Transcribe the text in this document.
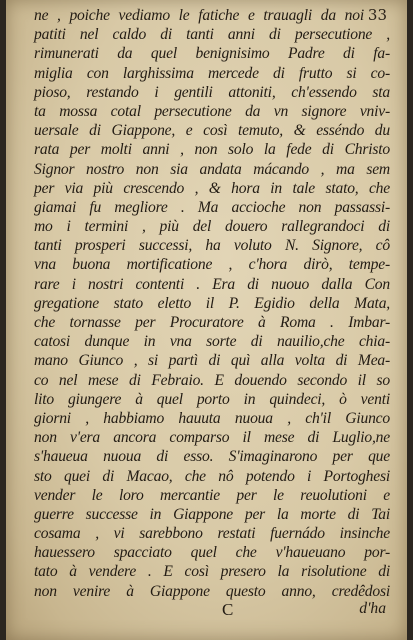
33
ne , poiche vediamo le fatiche e trauagli da noi
patiti nel caldo di tanti anni di persecutione ,
rimunerati da quel benignisimo Padre di fa-
miglia con larghissima mercede di frutto si co-
pioso, restando i gentili attoniti, ch'essendo sta
ta mossa cotal persecutione da vn signore vniv-
uersale di Giappone, e così temuto, & esséndo du
rata per molti anni , non solo la fede di Christo
Signor nostro non sia andata mácando , ma sem
per via più crescendo , & hora in tale stato, che
giamai fu megliore . Ma accioche non passassi-
mo i termini , più del douero rallegrandoci di
tanti prosperi successi, ha voluto N. Signore, cô
vna buona mortificatione , c'hora dirò, tempe-
rare i nostri contenti . Era di nuouo dalla Con
gregatione stato eletto il P. Egidio della Mata,
che tornasse per Procuratore à Roma . Imbar-
catosi dunque in vna sorte di nauilio,che chia-
mano Giunco , si partì di quì alla volta di Mea-
co nel mese di Febraio. E douendo secondo il so
lito giungere à quel porto in quindeci, ò venti
giorni , habbiamo hauuta nuoua , ch'il Giunco
non v'era ancora comparso il mese di Luglio,ne
s'haueua nuoua di esso. S'imaginarono per que
sto quei di Macao, che nô potendo i Portoghesi
vender le loro mercantie per le reuolutioni e
guerre successe in Giappone per la morte di Tai
cosama , vi sarebbono restati fuernádo insinche
hauessero spacciato quel che v'haueuano por-
tato à vendere . E così presero la risolutione di
non venire à Giappone questo anno, credêdosi
C	d'ha
